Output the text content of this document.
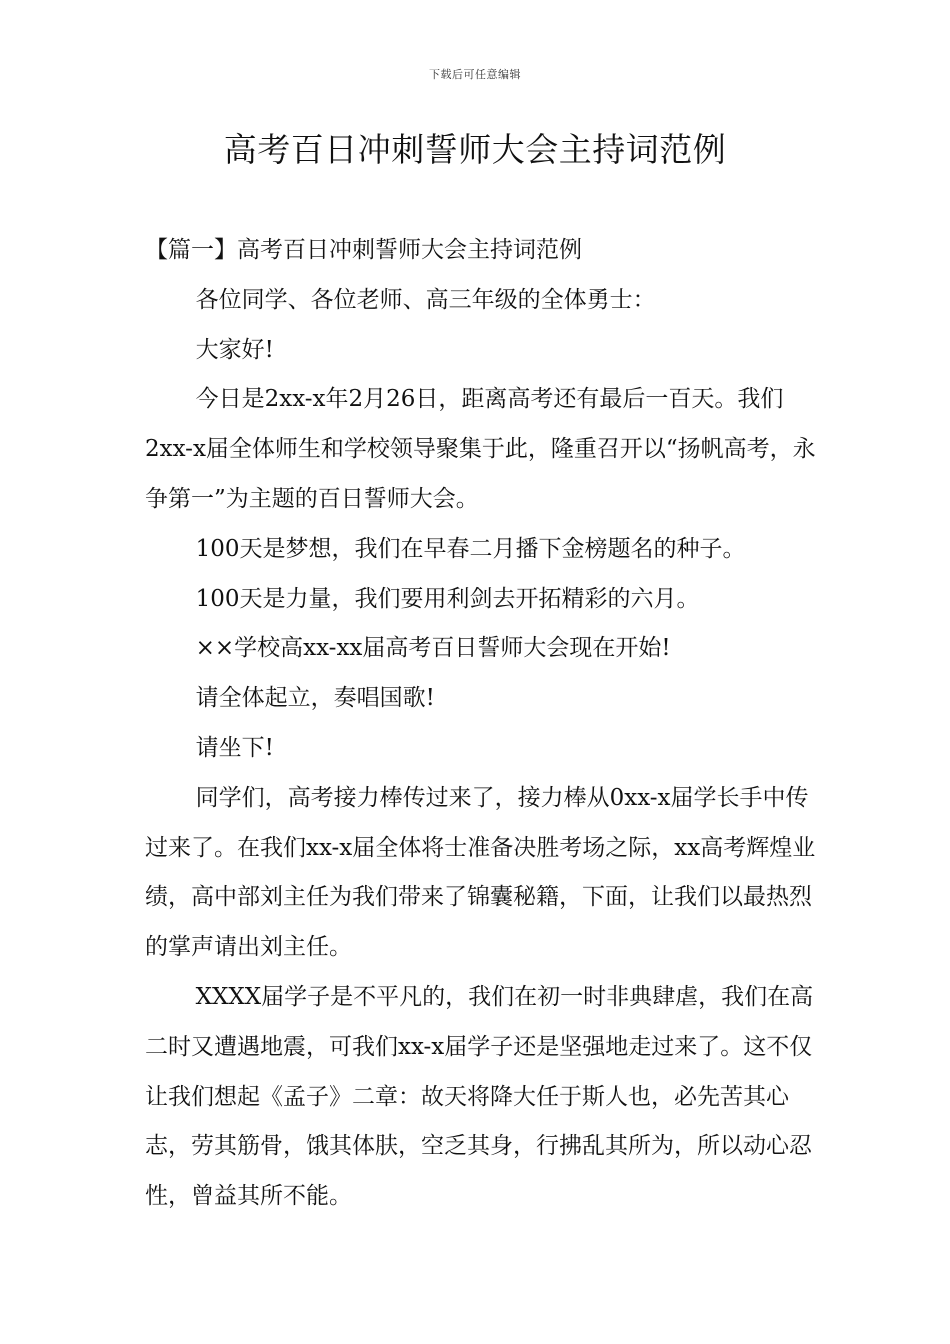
下载后可任意编辑
高考百日冲刺誓师大会主持词范例

【篇一】高考百日冲刺誓师大会主持词范例

各位同学、各位老师、高三年级的全体勇士：

大家好!

今日是2xx-x年2月26日，距离高考还有最后一百天。我们2xx-x届全体师生和学校领导聚集于此，隆重召开以“扬帆高考，永争第一”为主题的百日誓师大会。

100天是梦想，我们在早春二月播下金榜题名的种子。

100天是力量，我们要用利剑去开拓精彩的六月。

××学校高xx-xx届高考百日誓师大会现在开始!

请全体起立，奏唱国歌!

请坐下!

同学们，高考接力棒传过来了，接力棒从0xx-x届学长手中传过来了。在我们xx-x届全体将士准备决胜考场之际，xx高考辉煌业绩，高中部刘主任为我们带来了锦囊秘籍，下面，让我们以最热烈的掌声请出刘主任。

XXXX届学子是不平凡的，我们在初一时非典肆虐，我们在高二时又遭遇地震，可我们xx-x届学子还是坚强地走过来了。这不仅让我们想起《孟子》二章：故天将降大任于斯人也，必先苦其心志，劳其筋骨，饿其体肤，空乏其身，行拂乱其所为，所以动心忍性，曾益其所不能。
